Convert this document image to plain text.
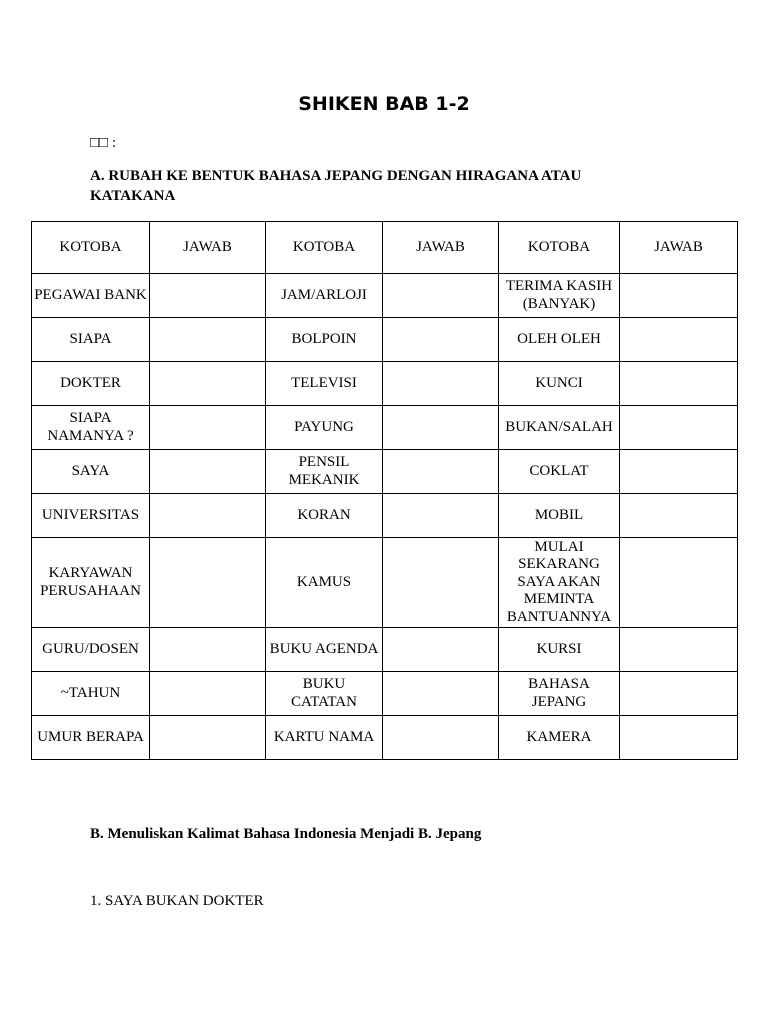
SHIKEN BAB 1-2
□□ :
A. RUBAH KE BENTUK BAHASA JEPANG DENGAN HIRAGANA ATAU KATAKANA
KOTOBA	JAWAB	KOTOBA	JAWAB	KOTOBA	JAWAB
PEGAWAI BANK		JAM/ARLOJI		TERIMA KASIH (BANYAK)	
SIAPA		BOLPOIN		OLEH OLEH	
DOKTER		TELEVISI		KUNCI	
SIAPA NAMANYA ?		PAYUNG		BUKAN/SALAH	
SAYA		PENSIL MEKANIK		COKLAT	
UNIVERSITAS		KORAN		MOBIL	
KARYAWAN PERUSAHAAN		KAMUS		MULAI SEKARANG SAYA AKAN MEMINTA BANTUANNYA	
GURU/DOSEN		BUKU AGENDA		KURSI	
~TAHUN		BUKU CATATAN		BAHASA JEPANG	
UMUR BERAPA		KARTU NAMA		KAMERA	
B. Menuliskan Kalimat Bahasa Indonesia Menjadi B. Jepang
1. SAYA BUKAN DOKTER
